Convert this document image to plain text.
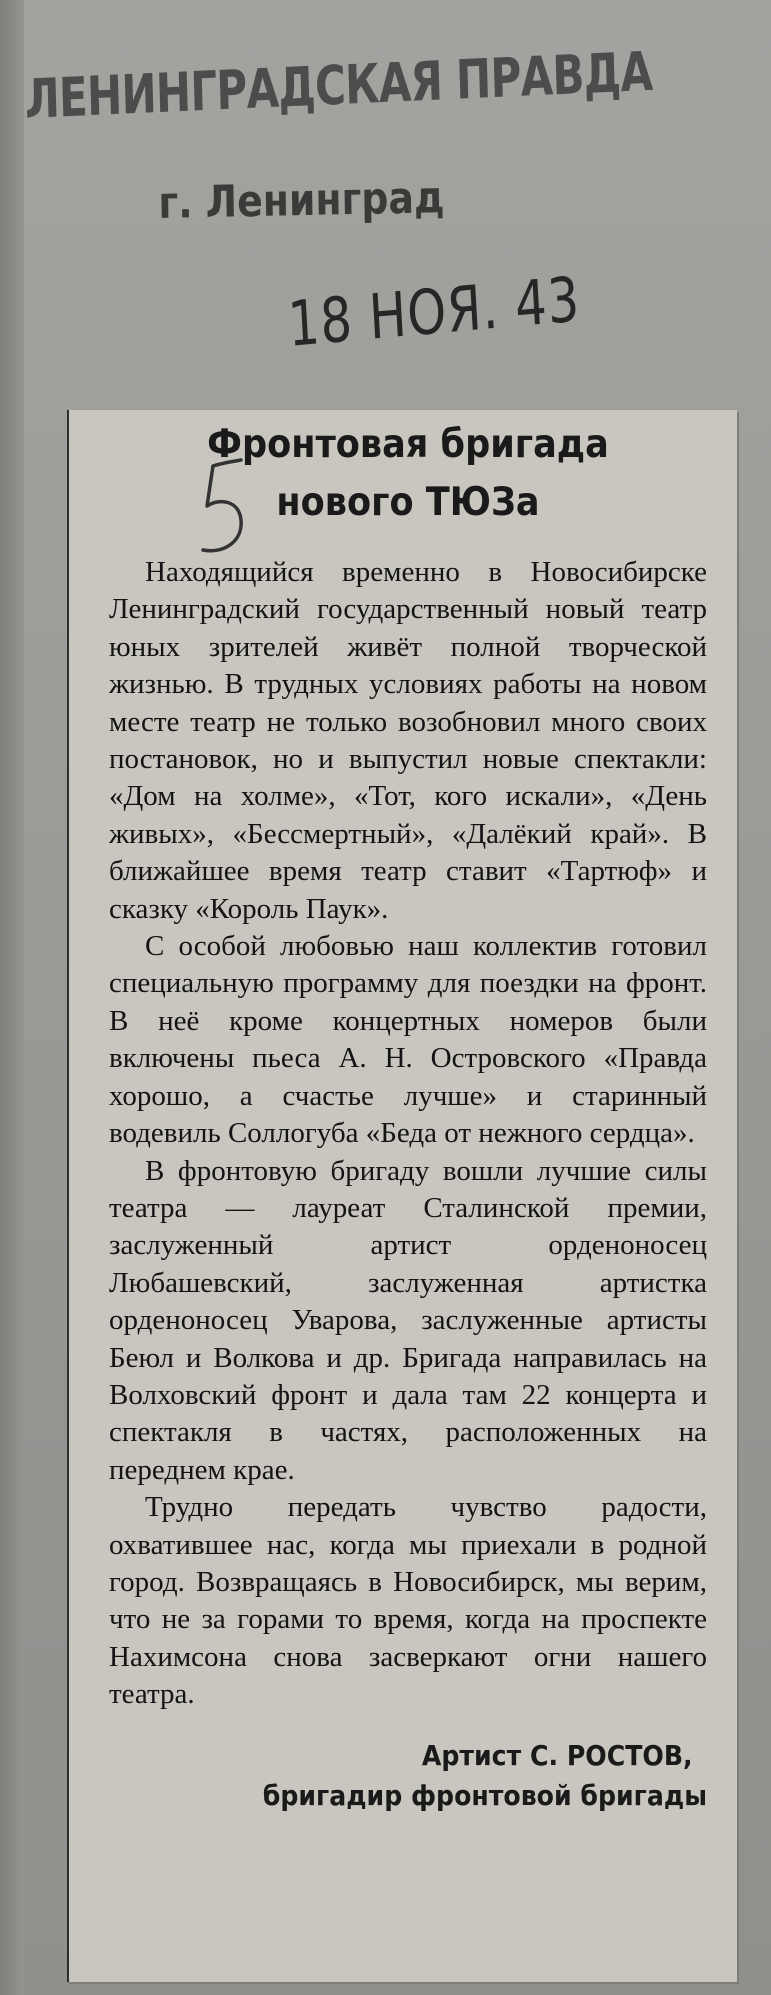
ЛЕНИНГРАДСКАЯ ПРАВДА
г. Ленинград
18 НОЯ. 43
Фронтовая бригада
нового ТЮЗа

Находящийся временно в Новосибирске Ленинградский государственный новый театр юных зрителей живёт полной творческой жизнью. В трудных условиях работы на новом месте театр не только возобновил много своих постановок, но и выпустил новые спектакли: «Дом на холме», «Тот, кого искали», «День живых», «Бессмертный», «Далёкий край». В ближайшее время театр ставит «Тартюф» и сказку «Король Паук».

С особой любовью наш коллектив готовил специальную программу для поездки на фронт. В неё кроме концертных номеров были включены пьеса А. Н. Островского «Правда хорошо, а счастье лучше» и старинный водевиль Соллогуба «Беда от нежного сердца».

В фронтовую бригаду вошли лучшие силы театра — лауреат Сталинской премии, заслуженный артист орденоносец Любашевский, заслуженная артистка орденоносец Уварова, заслуженные артисты Беюл и Волкова и др. Бригада направилась на Волховский фронт и дала там 22 концерта и спектакля в частях, расположенных на переднем крае.

Трудно передать чувство радости, охватившее нас, когда мы приехали в родной город. Возвращаясь в Новосибирск, мы верим, что не за горами то время, когда на проспекте Нахимсона снова засверкают огни нашего театра.

Артист С. РОСТОВ,
бригадир фронтовой бригады
